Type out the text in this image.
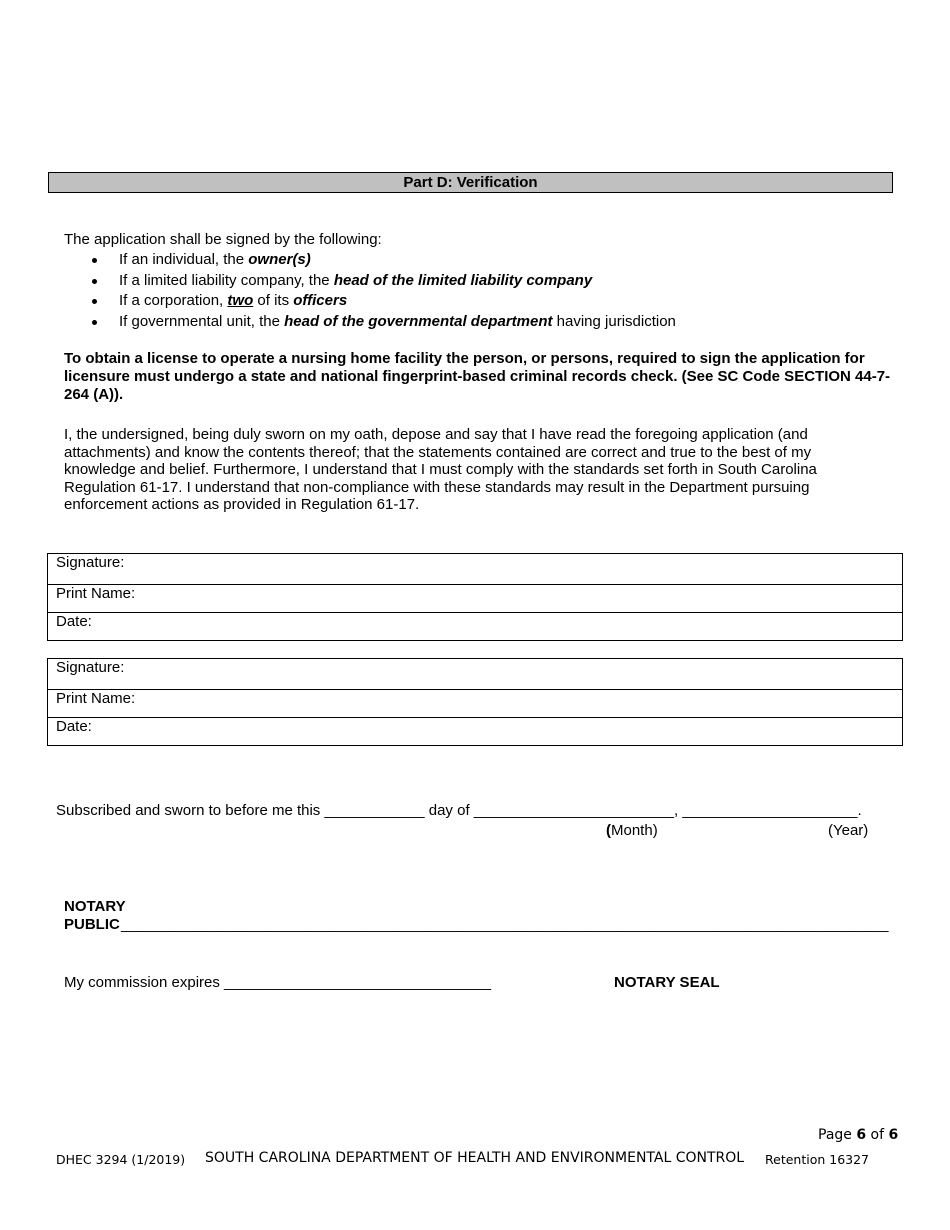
Part D: Verification
The application shall be signed by the following:
If an individual, the owner(s)
If a limited liability company, the head of the limited liability company
If a corporation, two of its officers
If governmental unit, the head of the governmental department having jurisdiction
To obtain a license to operate a nursing home facility the person, or persons, required to sign the application for licensure must undergo a state and national fingerprint-based criminal records check. (See SC Code SECTION 44-7-264 (A)).
I, the undersigned, being duly sworn on my oath, depose and say that I have read the foregoing application (and attachments) and know the contents thereof; that the statements contained are correct and true to the best of my knowledge and belief. Furthermore, I understand that I must comply with the standards set forth in South Carolina Regulation 61-17. I understand that non-compliance with these standards may result in the Department pursuing enforcement actions as provided in Regulation 61-17.
Signature:
Print Name:
Date:
Signature:
Print Name:
Date:
Subscribed and sworn to before me this ____________ day of ________________________, _____________________.
(Month)	(Year)
NOTARY
PUBLIC ____________________________________________________________________________________________
My commission expires ________________________________	NOTARY SEAL
Page 6 of 6
DHEC 3294 (1/2019) SOUTH CAROLINA DEPARTMENT OF HEALTH AND ENVIRONMENTAL CONTROL Retention 16327
